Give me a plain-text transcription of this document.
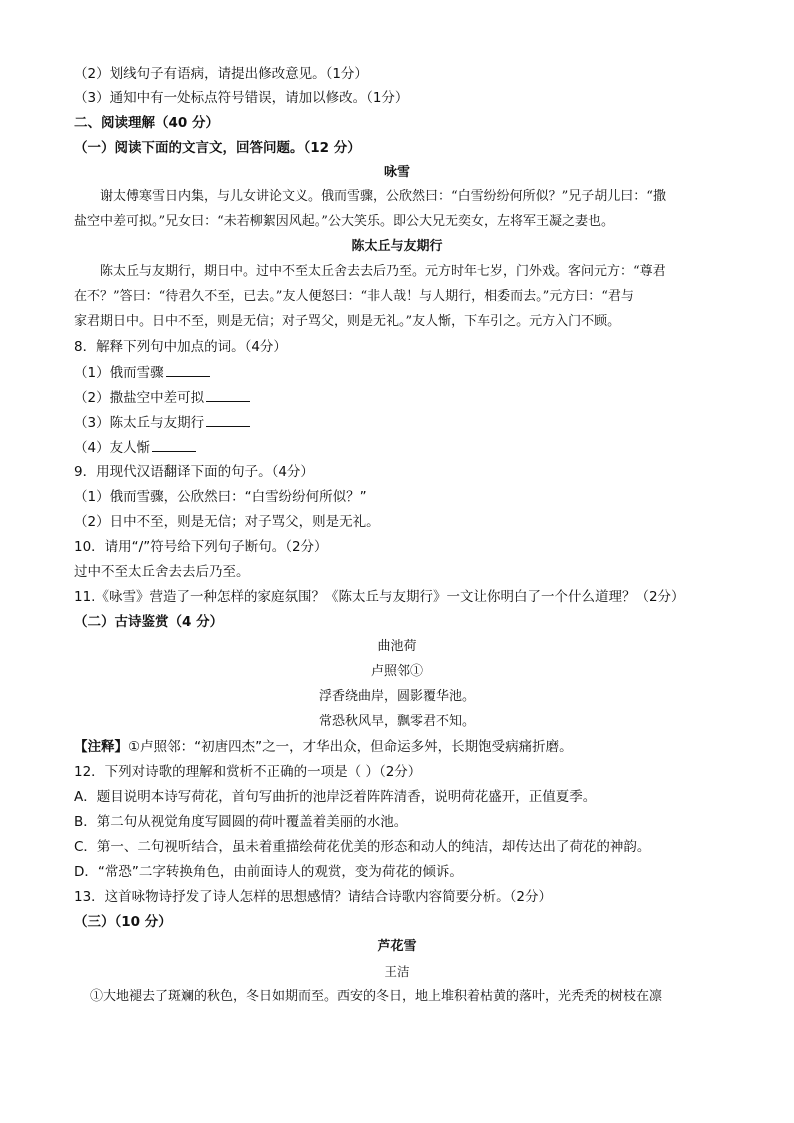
（2）划线句子有语病，请提出修改意见。（1分）
（3）通知中有一处标点符号错误，请加以修改。（1分）
二、阅读理解（40 分）
（一）阅读下面的文言文，回答问题。（12 分）
咏雪
谢太傅寒雪日内集，与儿女讲论文义。俄而雪骤，公欣然曰：“白雪纷纷何所似？”兄子胡儿曰：“撒
盐空中差可拟。”兄女曰：“未若柳絮因风起。”公大笑乐。即公大兄无奕女，左将军王凝之妻也。
陈太丘与友期行
陈太丘与友期行，期日中。过中不至太丘舍去去后乃至。元方时年七岁，门外戏。客问元方：“尊君
在不？”答曰：“待君久不至，已去。”友人便怒曰：“非人哉！与人期行，相委而去。”元方曰：“君与
家君期日中。日中不至，则是无信；对子骂父，则是无礼。”友人惭，下车引之。元方入门不顾。
8．解释下列句中加点的词。（4分）
（1）俄而雪骤
（2）撒盐空中差可拟
（3）陈太丘与友期行
（4）友人惭
9．用现代汉语翻译下面的句子。（4分）
（1）俄而雪骤，公欣然曰：“白雪纷纷何所似？”
（2）日中不至，则是无信；对子骂父，则是无礼。
10．请用“/”符号给下列句子断句。（2分）
过中不至太丘舍去去后乃至。
11.《咏雪》营造了一种怎样的家庭氛围？《陈太丘与友期行》一文让你明白了一个什么道理？（2分）
（二）古诗鉴赏（4 分）
曲池荷
卢照邻①
浮香绕曲岸，圆影覆华池。
常恐秋风早，飘零君不知。
【注释】①卢照邻：“初唐四杰”之一，才华出众，但命运多舛，长期饱受病痛折磨。
12．下列对诗歌的理解和赏析不正确的一项是（ ）（2分）
A．题目说明本诗写荷花，首句写曲折的池岸泛着阵阵清香，说明荷花盛开，正值夏季。
B．第二句从视觉角度写圆圆的荷叶覆盖着美丽的水池。
C．第一、二句视听结合，虽未着重描绘荷花优美的形态和动人的纯洁，却传达出了荷花的神韵。
D．“常恐”二字转换角色，由前面诗人的观赏，变为荷花的倾诉。
13．这首咏物诗抒发了诗人怎样的思想感情？请结合诗歌内容简要分析。（2分）
（三）（10 分）
芦花雪
王洁
①大地褪去了斑斓的秋色，冬日如期而至。西安的冬日，地上堆积着枯黄的落叶，光秃秃的树枝在凛
